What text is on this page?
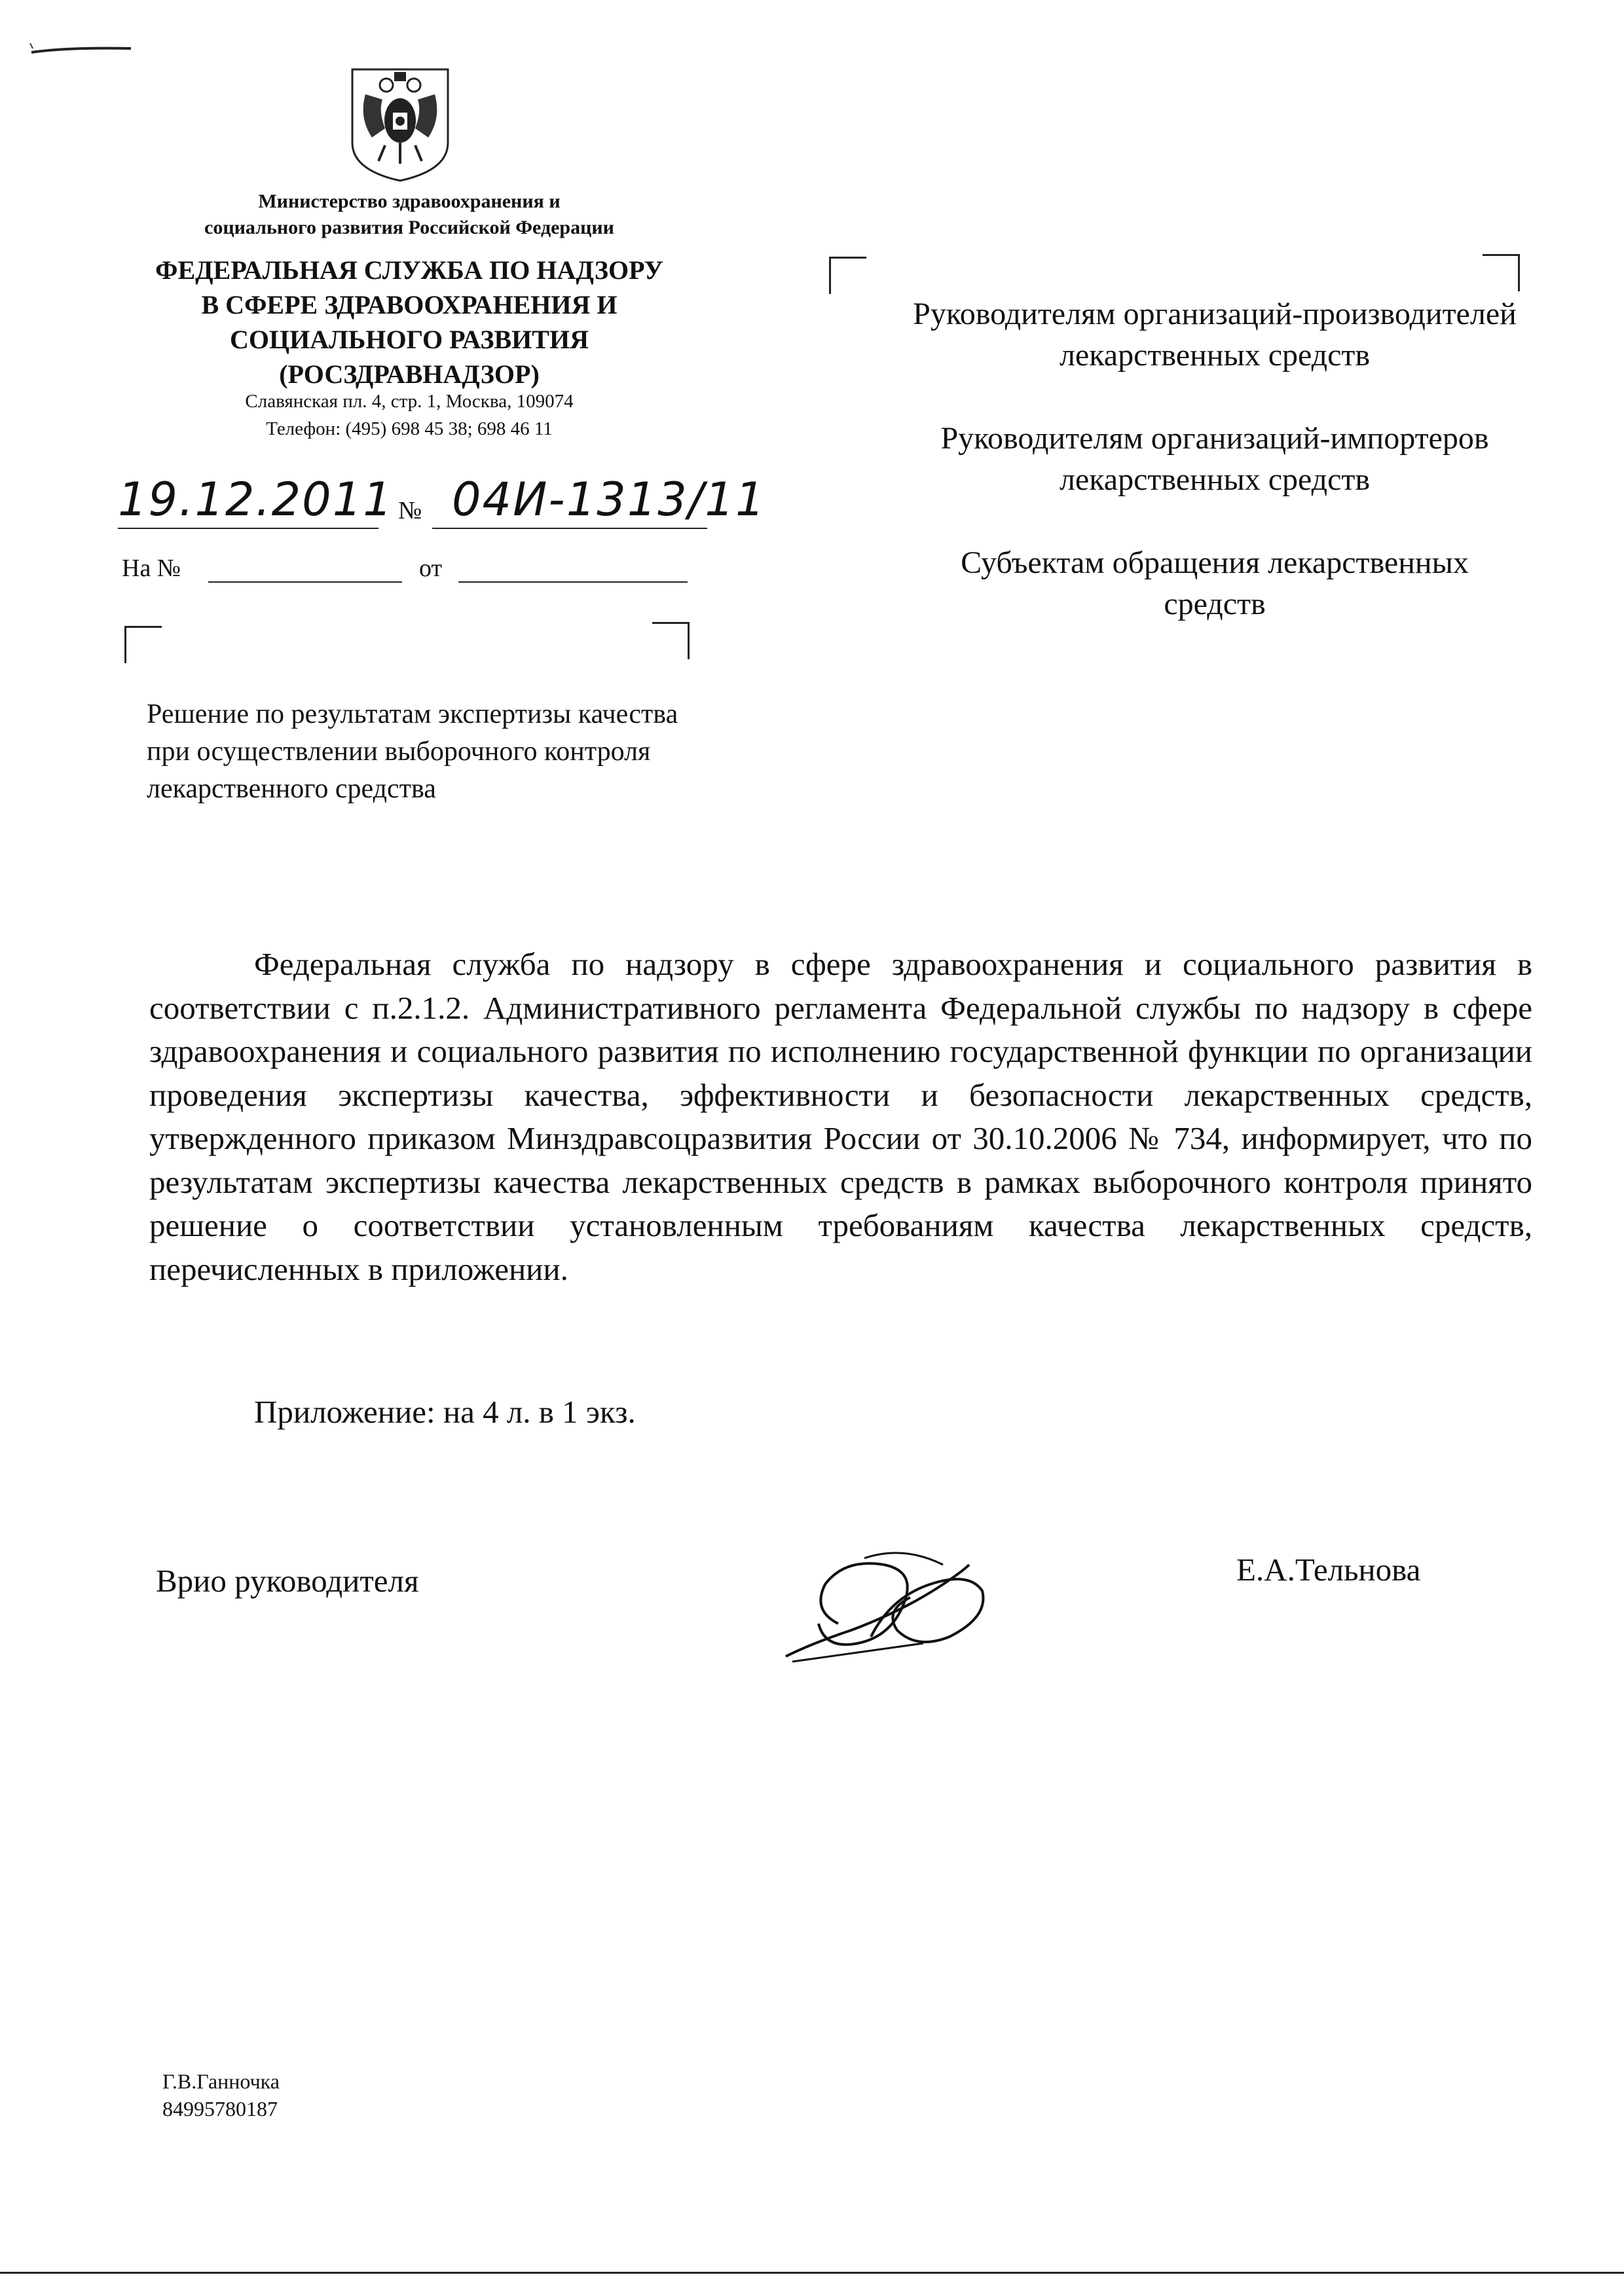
Министерство здравоохранения и
социального развития Российской Федерации
ФЕДЕРАЛЬНАЯ СЛУЖБА ПО НАДЗОРУ
В СФЕРЕ ЗДРАВООХРАНЕНИЯ И
СОЦИАЛЬНОГО РАЗВИТИЯ
(РОСЗДРАВНАДЗОР)
Славянская пл. 4, стр. 1, Москва, 109074
Телефон: (495) 698 45 38; 698 46 11
19.12.2011 № 04И-1313/11
На №	от

Руководителям организаций-производителей лекарственных средств

Руководителям организаций-импортеров лекарственных средств

Субъектам обращения лекарственных средств

Решение по результатам экспертизы качества при осуществлении выборочного контроля лекарственного средства
Федеральная служба по надзору в сфере здравоохранения и социального развития в соответствии с п.2.1.2. Административного регламента Федеральной службы по надзору в сфере здравоохранения и социального развития по исполнению государственной функции по организации проведения экспертизы качества, эффективности и безопасности лекарственных средств, утвержденного приказом Минздравсоцразвития России от 30.10.2006 № 734, информирует, что по результатам экспертизы качества лекарственных средств в рамках выборочного контроля принято решение о соответствии установленным требованиям качества лекарственных средств, перечисленных в приложении.
Приложение: на 4 л. в 1 экз.
Врио руководителя	Е.А.Тельнова
Г.В.Ганночка
84995780187
